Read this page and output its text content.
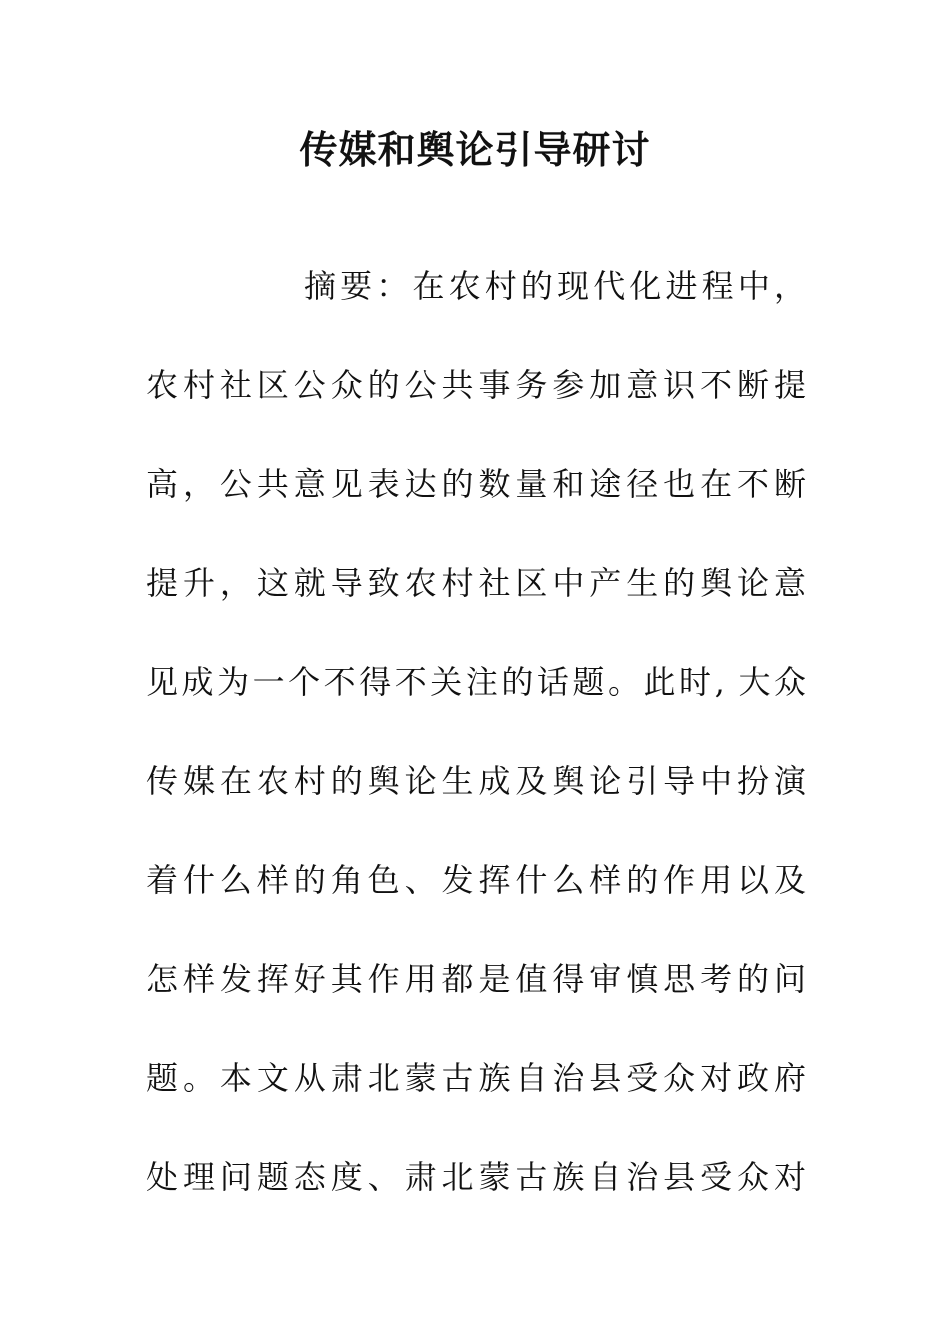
传媒和舆论引导研讨
摘要：在农村的现代化进程中，
农村社区公众的公共事务参加意识不断提
高，公共意见表达的数量和途径也在不断
提升，这就导致农村社区中产生的舆论意
见成为一个不得不关注的话题。此时, 大众
传媒在农村的舆论生成及舆论引导中扮演
着什么样的角色、发挥什么样的作用以及
怎样发挥好其作用都是值得审慎思考的问
题。本文从肃北蒙古族自治县受众对政府
处理问题态度、肃北蒙古族自治县受众对
